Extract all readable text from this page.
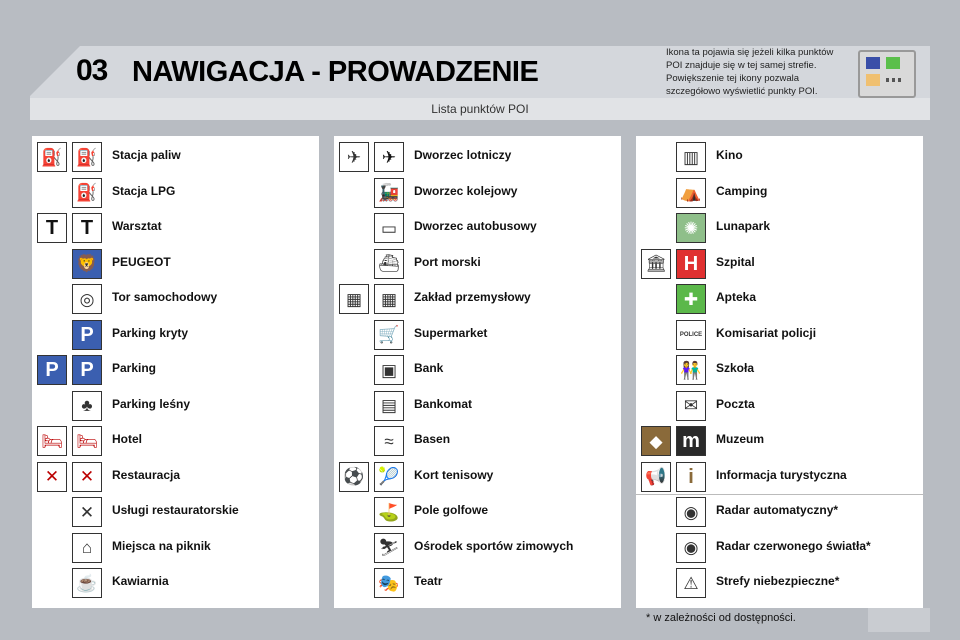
03 NAWIGACJA - PROWADZENIE
Lista punktów POI
Ikona ta pojawia się jeżeli kilka punktów
POI znajduje się w tej samej strefie.
Powiększenie tej ikony pozwala
szczegółowo wyświetlić punkty POI.
⛽ ⛽	Stacja paliw
⛽	Stacja LPG
T	T	Warsztat
🦁	PEUGEOT
◎	Tor samochodowy
P	Parking kryty
P	P	Parking
♣	Parking leśny
🛏 🛏	Hotel
✕	✕	Restauracja
✕	Usługi restauratorskie
⌂	Miejsca na piknik
☕	Kawiarnia
✈	✈	Dworzec lotniczy
🚂	Dworzec kolejowy
▭	Dworzec autobusowy
⛴	Port morski
▦	▦	Zakład przemysłowy
🛒	Supermarket
▣	Bank
▤	Bankomat
≈	Basen
⚽ 🎾	Kort tenisowy
⛳	Pole golfowe
⛷	Ośrodek sportów zimowych
🎭	Teatr
▥	Kino
⛺	Camping
✺	Lunapark
🏛 H	Szpital
✚	Apteka
POLICE	Komisariat policji
👫	Szkoła
✉	Poczta
◆ m	Muzeum
📢	i	Informacja turystyczna
◉	Radar automatyczny*
◉	Radar czerwonego światła*
⚠	Strefy niebezpieczne*
* w zależności od dostępności.
